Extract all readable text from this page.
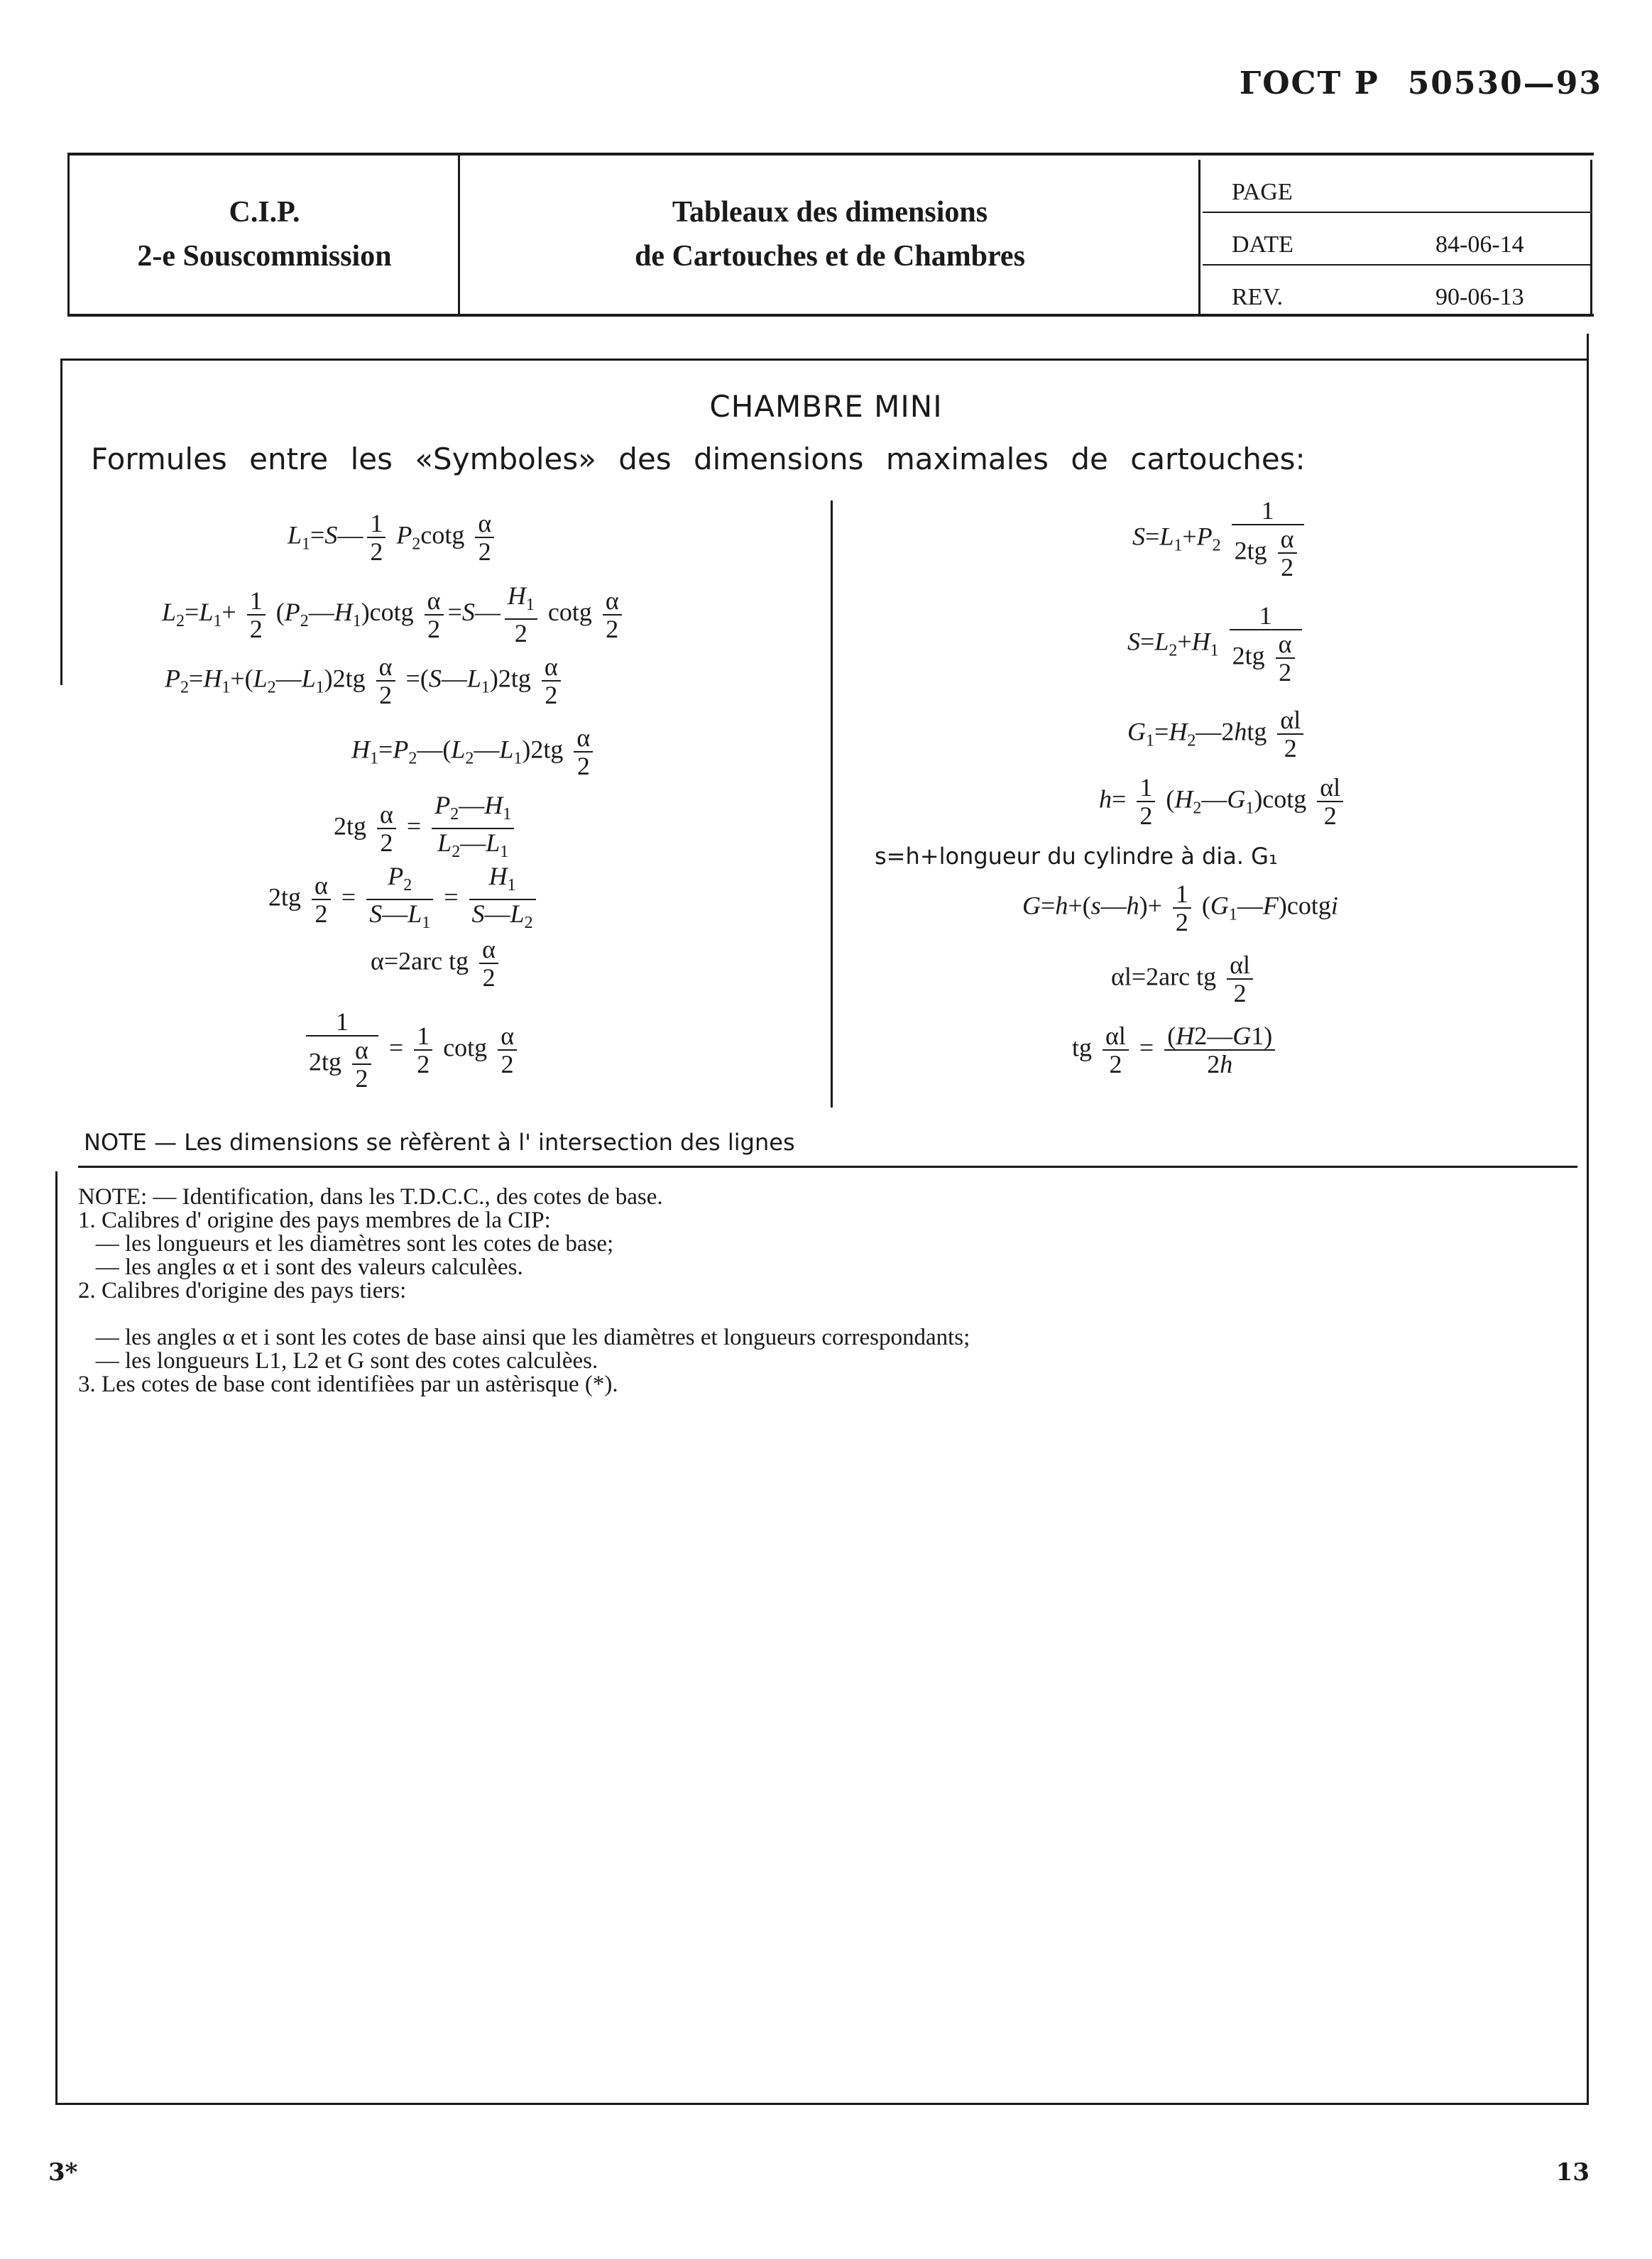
ГОСТ Р 50530—93
C.I.P.
2-e Souscommission
Tableaux des dimensions
de Cartouches et de Chambres
PAGE
DATE	84-06-14
REV.	90-06-13
CHAMBRE MINI
Formules entre les «Symboles» des dimensions maximales de cartouches:
$L_1=S— \frac{1}{2} P_2\cot g \frac{\alpha}{2}$
$L_2=L_1+ \frac{1}{2}$ $(P_2—H_1)\cot g \frac{\alpha}{2}$ =S— $\frac{H_1}{2}$ cotg $\frac{\alpha}{2}$
$P_2=H_1+(L_2—L_1)2tg \frac{\alpha}{2}$ $=(S—L_1)2tg \frac{\alpha}{2}$
$H_1=P_2—(L_2—L_1)2tg \frac{\alpha}{2}$
$2tg \frac{\alpha}{2} = \frac{P_2—H_1}{L_2—L_1}$
$2tg \frac{\alpha}{2} = \frac{P_2}{S—L_1} = \frac{H_1}{S—L_2}$
α=2arc tg $\frac{\alpha}{2}$
$\frac{1}{2tg \frac{\alpha}{2}} = \frac{1}{2}$ cotg $\frac{\alpha}{2}$
$S=L_1+P_2 \frac{1}{2tg \frac{\alpha}{2}}$
$S=L_2+H_1 \frac{1}{2tg \frac{\alpha}{2}}$
$G_1=H_2—2htg \frac{\alpha l}{2}$
$h= \frac{1}{2}$ $(H_2—G_1)\cot g \frac{\alpha l}{2}$
s=h+longueur du cylindre à dia. G₁
G=h+(s—h)+ $\frac{1}{2}$ $(G_1—F)cotgi$
αl=2arc tg $\frac{\alpha l}{2}$
tg $\frac{\alpha l}{2} = \frac{(H2—G1)}{2h}$
NOTE — Les dimensions se rèfèrent à l' intersection des lignes
NOTE: — Identification, dans les T.D.C.C., des cotes de base.
1. Calibres d' origine des pays membres de la CIP:
— les longueurs et les diamètres sont les cotes de base;
— les angles α et i sont des valeurs calculèes.
2. Calibres d'origine des pays tiers:
— les angles α et i sont les cotes de base ainsi que les diamètres et longueurs correspondants;
— les longueurs L1, L2 et G sont des cotes calculèes.
3. Les cotes de base cont identifièes par un astèrisque (*).
3*	13
